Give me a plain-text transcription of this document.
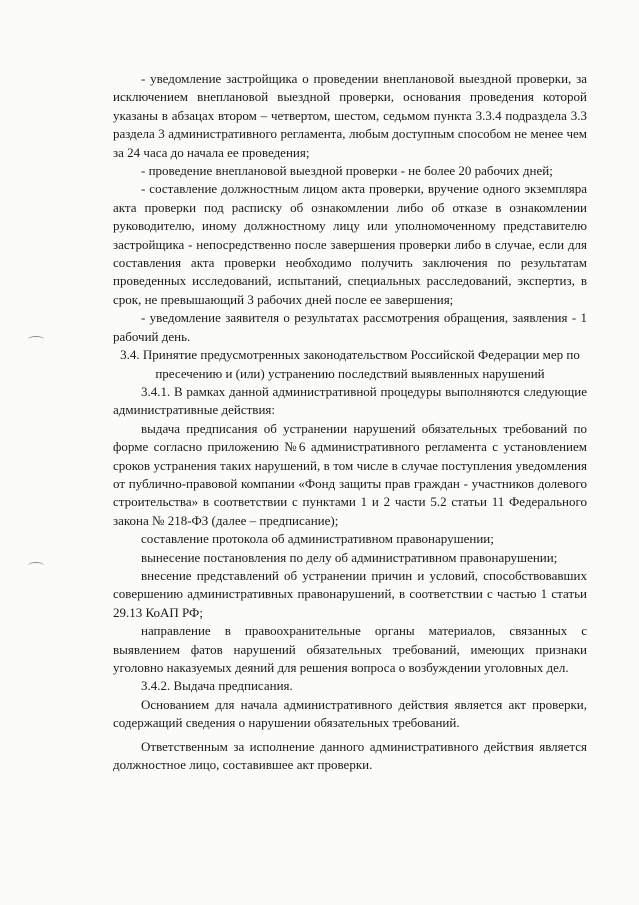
- уведомление застройщика о проведении внеплановой выездной проверки, за исключением внеплановой выездной проверки, основания проведения которой указаны в абзацах втором – четвертом, шестом, седьмом пункта 3.3.4 подраздела 3.3 раздела 3 административного регламента, любым доступным способом не менее чем за 24 часа до начала ее проведения;

- проведение внеплановой выездной проверки - не более 20 рабочих дней;

- составление должностным лицом акта проверки, вручение одного экземпляра акта проверки под расписку об ознакомлении либо об отказе в ознакомлении руководителю, иному должностному лицу или уполномоченному представителю застройщика - непосредственно после завершения проверки либо в случае, если для составления акта проверки необходимо получить заключения по результатам проведенных исследований, испытаний, специальных расследований, экспертиз, в срок, не превышающий 3 рабочих дней после ее завершения;

- уведомление заявителя о результатах рассмотрения обращения, заявления - 1 рабочий день.

3.4. Принятие предусмотренных законодательством Российской Федерации мер по пресечению и (или) устранению последствий выявленных нарушений

3.4.1. В рамках данной административной процедуры выполняются следующие административные действия:

выдача предписания об устранении нарушений обязательных требований по форме согласно приложению №6 административного регламента с установлением сроков устранения таких нарушений, в том числе в случае поступления уведомления от публично-правовой компании «Фонд защиты прав граждан - участников долевого строительства» в соответствии с пунктами 1 и 2 части 5.2 статьи 11 Федерального закона № 218-ФЗ (далее – предписание);

составление протокола об административном правонарушении;

вынесение постановления по делу об административном правонарушении;

внесение представлений об устранении причин и условий, способствовавших совершению административных правонарушений, в соответствии с частью 1 статьи 29.13 КоАП РФ;

направление в правоохранительные органы материалов, связанных с выявлением фатов нарушений обязательных требований, имеющих признаки уголовно наказуемых деяний для решения вопроса о возбуждении уголовных дел.

3.4.2. Выдача предписания.

Основанием для начала административного действия является акт проверки, содержащий сведения о нарушении обязательных требований.

Ответственным за исполнение данного административного действия является должностное лицо, составившее акт проверки.
